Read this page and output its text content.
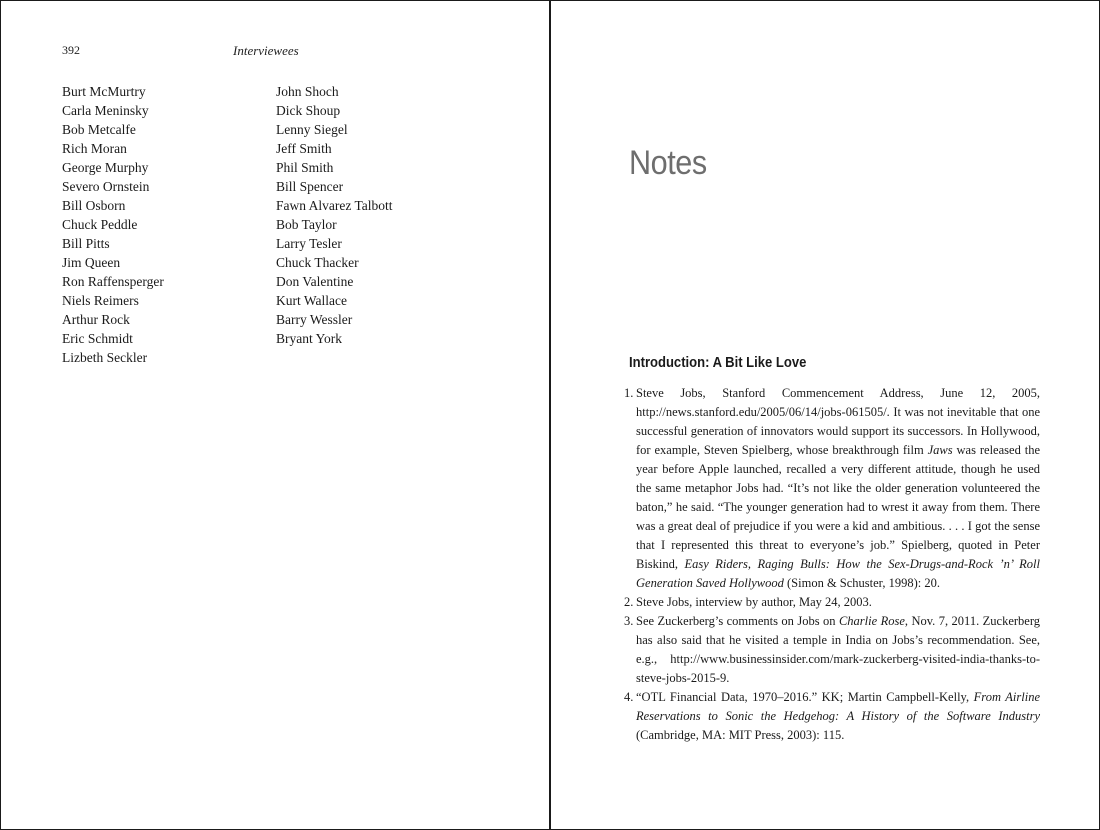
392	Interviewees
Burt McMurtry
Carla Meninsky
Bob Metcalfe
Rich Moran
George Murphy
Severo Ornstein
Bill Osborn
Chuck Peddle
Bill Pitts
Jim Queen
Ron Raffensperger
Niels Reimers
Arthur Rock
Eric Schmidt
Lizbeth Seckler
John Shoch
Dick Shoup
Lenny Siegel
Jeff Smith
Phil Smith
Bill Spencer
Fawn Alvarez Talbott
Bob Taylor
Larry Tesler
Chuck Thacker
Don Valentine
Kurt Wallace
Barry Wessler
Bryant York
Notes
Introduction: A Bit Like Love
1. Steve Jobs, Stanford Commencement Address, June 12, 2005, http://news.stanford.edu/2005/06/14/jobs-061505/. It was not inevitable that one successful generation of innovators would support its successors. In Hollywood, for example, Steven Spielberg, whose breakthrough film Jaws was released the year before Apple launched, recalled a very different attitude, though he used the same metaphor Jobs had. “It’s not like the older generation volunteered the baton,” he said. “The younger generation had to wrest it away from them. There was a great deal of prejudice if you were a kid and ambitious. . . . I got the sense that I represented this threat to everyone’s job.” Spielberg, quoted in Peter Biskind, Easy Riders, Raging Bulls: How the Sex-Drugs-and-Rock ’n’ Roll Generation Saved Hollywood (Simon & Schuster, 1998): 20.
2. Steve Jobs, interview by author, May 24, 2003.
3. See Zuckerberg’s comments on Jobs on Charlie Rose, Nov. 7, 2011. Zuckerberg has also said that he visited a temple in India on Jobs’s recommendation. See, e.g., http://www.businessinsider.com/mark-zuckerberg-visited-india-thanks-to-steve-jobs-2015-9.
4. “OTL Financial Data, 1970–2016.” KK; Martin Campbell-Kelly, From Airline Reservations to Sonic the Hedgehog: A History of the Software Industry (Cambridge, MA: MIT Press, 2003): 115.
